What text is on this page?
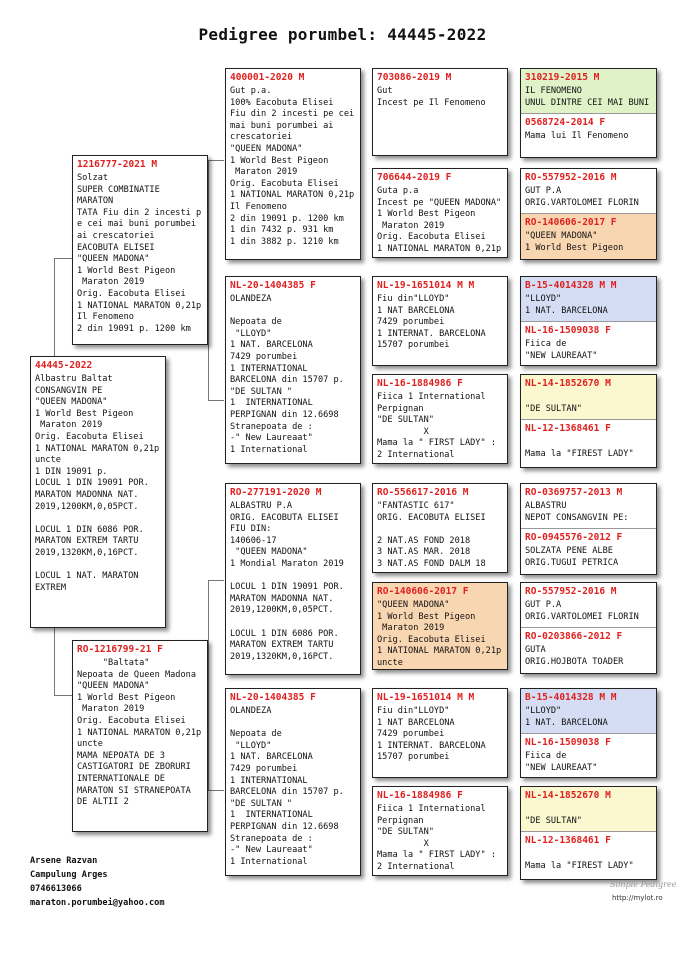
Pedigree porumbel: 44445-2022
44445-2022
Albastru Baltat
CONSANGVIN PE
"QUEEN MADONA"
1 World Best Pigeon
Maraton 2019
Orig. Eacobuta Elisei
1 NATIONAL MARATON 0,21p
uncte
1 DIN 19091 p.
LOCUL 1 DIN 19091 POR.
MARATON MADONNA NAT.
2019,1200KM,0,05PCT.

LOCUL 1 DIN 6086 POR.
MARATON EXTREM TARTU
2019,1320KM,0,16PCT.

LOCUL 1 NAT. MARATON
EXTREM
1216777-2021 M
Solzat
SUPER COMBINATIE
MARATON
TATA Fiu din 2 incesti p
e cei mai buni porumbei
ai crescatoriei
EACOBUTA ELISEI
"QUEEN MADONA"
1 World Best Pigeon
Maraton 2019
Orig. Eacobuta Elisei
1 NATIONAL MARATON 0,21p
Il Fenomeno
2 din 19091 p. 1200 km
RO-1216799-21 F
"Baltata"
Nepoata de Queen Madona
"QUEEN MADONA"
1 World Best Pigeon
Maraton 2019
Orig. Eacobuta Elisei
1 NATIONAL MARATON 0,21p
uncte
MAMA NEPOATA DE 3
CASTIGATORI DE ZBORURI
INTERNATIONALE DE
MARATON SI STRANEPOATA
DE ALTII 2
400001-2020 M
Gut p.a.
100% Eacobuta Elisei
Fiu din 2 incesti pe cei
mai buni porumbei ai
crescatoriei
"QUEEN MADONA"
1 World Best Pigeon
Maraton 2019
Orig. Eacobuta Elisei
1 NATIONAL MARATON 0,21p
Il Fenomeno
2 din 19091 p. 1200 km
1 din 7432 p. 931 km
1 din 3882 p. 1210 km
NL-20-1404385 F
OLANDEZA

Nepoata de
"LLOYD"
1 NAT. BARCELONA
7429 porumbei
1 INTERNATIONAL
BARCELONA din 15707 p.
"DE SULTAN "
1  INTERNATIONAL
PERPIGNAN din 12.6698
Stranepoata de :
-" New Laureaat"
1 International
RO-277191-2020 M
ALBASTRU P.A
ORIG. EACOBUTA ELISEI
FIU DIN:
140606-17
"QUEEN MADONA"
1 Mondial Maraton 2019

LOCUL 1 DIN 19091 POR.
MARATON MADONNA NAT.
2019,1200KM,0,05PCT.

LOCUL 1 DIN 6086 POR.
MARATON EXTREM TARTU
2019,1320KM,0,16PCT.
NL-20-1404385 F
OLANDEZA

Nepoata de
"LLOYD"
1 NAT. BARCELONA
7429 porumbei
1 INTERNATIONAL
BARCELONA din 15707 p.
"DE SULTAN "
1  INTERNATIONAL
PERPIGNAN din 12.6698
Stranepoata de :
-" New Laureaat"
1 International
703086-2019 M
Gut
Incest pe Il Fenomeno
706644-2019 F
Guta p.a
Incest pe "QUEEN MADONA"
1 World Best Pigeon
Maraton 2019
Orig. Eacobuta Elisei
1 NATIONAL MARATON 0,21p
NL-19-1651014 M M
Fiu din"LLOYD"
1 NAT BARCELONA
7429 porumbei
1 INTERNAT. BARCELONA
15707 porumbei
NL-16-1884986 F
Fiica 1 International
Perpignan
"DE SULTAN"
X
Mama la " FIRST LADY" :
2 International
RO-556617-2016 M
"FANTASTIC 617"
ORIG. EACOBUTA ELISEI

2 NAT.AS FOND 2018
3 NAT.AS MAR. 2018
3 NAT.AS FOND DALM 18
RO-140606-2017 F
"QUEEN MADONA"
1 World Best Pigeon
Maraton 2019
Orig. Eacobuta Elisei
1 NATIONAL MARATON 0,21p
uncte
NL-19-1651014 M M
Fiu din"LLOYD"
1 NAT BARCELONA
7429 porumbei
1 INTERNAT. BARCELONA
15707 porumbei
NL-16-1884986 F
Fiica 1 International
Perpignan
"DE SULTAN"
X
Mama la " FIRST LADY" :
2 International
310219-2015 M
IL FENOMENO
UNUL DINTRE CEI MAI BUNI
0568724-2014 F
Mama lui Il Fenomeno
RO-557952-2016 M
GUT P.A
ORIG.VARTOLOMEI FLORIN
RO-140606-2017 F
"QUEEN MADONA"
1 World Best Pigeon
B-15-4014328 M M
"LLOYD"
1 NAT. BARCELONA
NL-16-1509038 F
Fiica de
"NEW LAUREAAT"
NL-14-1852670 M

"DE SULTAN"
NL-12-1368461 F

Mama la "FIREST LADY"
RO-0369757-2013 M
ALBASTRU
NEPOT CONSANGVIN PE:
RO-0945576-2012 F
SOLZATA PENE ALBE
ORIG.TUGUI PETRICA
RO-557952-2016 M
GUT P.A
ORIG.VARTOLOMEI FLORIN
RO-0203866-2012 F
GUTA
ORIG.HOJBOTA TOADER
B-15-4014328 M M
"LLOYD"
1 NAT. BARCELONA
NL-16-1509038 F
Fiica de
"NEW LAUREAAT"
NL-14-1852670 M

"DE SULTAN"
NL-12-1368461 F

Mama la "FIREST LADY"
Arsene Razvan
Campulung Arges
0746613066
maraton.porumbei@yahoo.com
Simple Pedigree
http://mylot.ro
